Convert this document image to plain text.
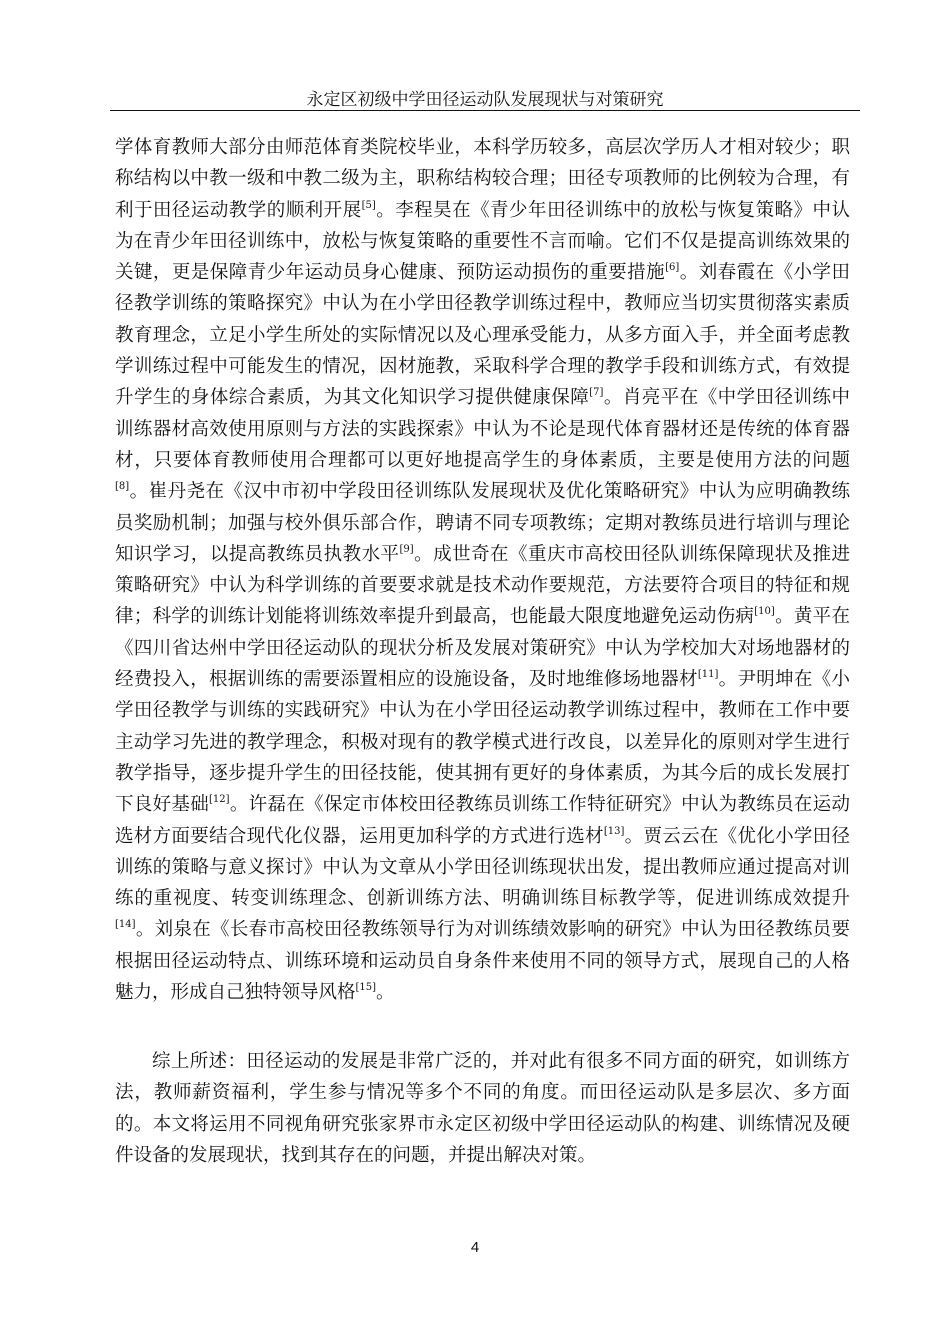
永定区初级中学田径运动队发展现状与对策研究

学体育教师大部分由师范体育类院校毕业，本科学历较多，高层次学历人才相对较少；职称结构以中教一级和中教二级为主，职称结构较合理；田径专项教师的比例较为合理，有利于田径运动教学的顺利开展[5]。李程昊在《青少年田径训练中的放松与恢复策略》中认为在青少年田径训练中，放松与恢复策略的重要性不言而喻。它们不仅是提高训练效果的关键，更是保障青少年运动员身心健康、预防运动损伤的重要措施[6]。刘春霞在《小学田径教学训练的策略探究》中认为在小学田径教学训练过程中，教师应当切实贯彻落实素质教育理念，立足小学生所处的实际情况以及心理承受能力，从多方面入手，并全面考虑教学训练过程中可能发生的情况，因材施教，采取科学合理的教学手段和训练方式，有效提升学生的身体综合素质，为其文化知识学习提供健康保障[7]。肖亮平在《中学田径训练中训练器材高效使用原则与方法的实践探索》中认为不论是现代体育器材还是传统的体育器材，只要体育教师使用合理都可以更好地提高学生的身体素质，主要是使用方法的问题[8]。崔丹尧在《汉中市初中学段田径训练队发展现状及优化策略研究》中认为应明确教练员奖励机制；加强与校外俱乐部合作，聘请不同专项教练；定期对教练员进行培训与理论知识学习，以提高教练员执教水平[9]。成世奇在《重庆市高校田径队训练保障现状及推进策略研究》中认为科学训练的首要要求就是技术动作要规范，方法要符合项目的特征和规律；科学的训练计划能将训练效率提升到最高，也能最大限度地避免运动伤病[10]。黄平在《四川省达州中学田径运动队的现状分析及发展对策研究》中认为学校加大对场地器材的经费投入，根据训练的需要添置相应的设施设备，及时地维修场地器材[11]。尹明坤在《小学田径教学与训练的实践研究》中认为在小学田径运动教学训练过程中，教师在工作中要主动学习先进的教学理念，积极对现有的教学模式进行改良，以差异化的原则对学生进行教学指导，逐步提升学生的田径技能，使其拥有更好的身体素质，为其今后的成长发展打下良好基础[12]。许磊在《保定市体校田径教练员训练工作特征研究》中认为教练员在运动选材方面要结合现代化仪器，运用更加科学的方式进行选材[13]。贾云云在《优化小学田径训练的策略与意义探讨》中认为文章从小学田径训练现状出发，提出教师应通过提高对训练的重视度、转变训练理念、创新训练方法、明确训练目标教学等，促进训练成效提升[14]。刘泉在《长春市高校田径教练领导行为对训练绩效影响的研究》中认为田径教练员要根据田径运动特点、训练环境和运动员自身条件来使用不同的领导方式，展现自己的人格魅力，形成自己独特领导风格[15]。

综上所述：田径运动的发展是非常广泛的，并对此有很多不同方面的研究，如训练方法，教师薪资福利，学生参与情况等多个不同的角度。而田径运动队是多层次、多方面的。本文将运用不同视角研究张家界市永定区初级中学田径运动队的构建、训练情况及硬件设备的发展现状，找到其存在的问题，并提出解决对策。

4
